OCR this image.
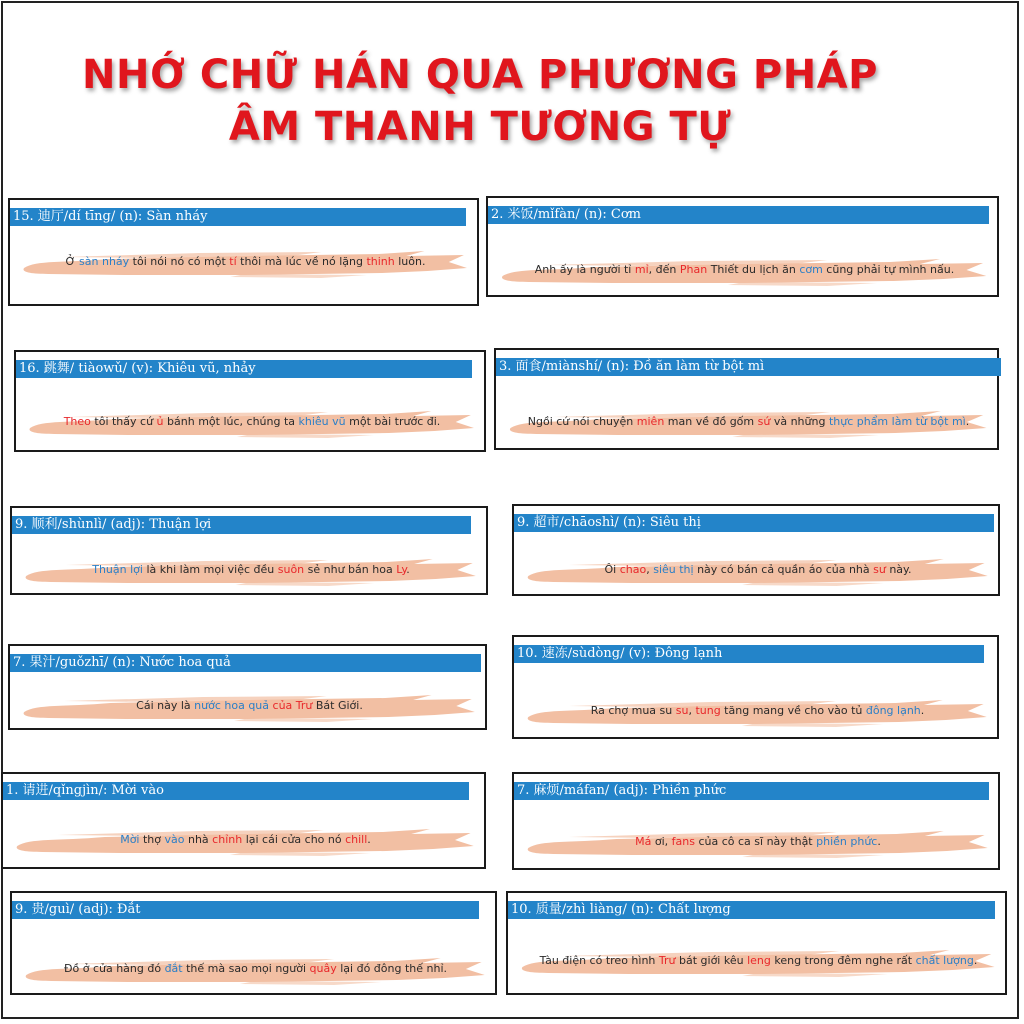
NHỚ CHỮ HÁN QUA PHƯƠNG PHÁP
ÂM THANH TƯƠNG TỰ
15. 迪厅/dí tīng/ (n): Sàn nháy
Ở sàn nháy tôi nói nó có một tí thôi mà lúc về nó lặng thinh luôn.
2. 米饭/mǐfàn/ (n): Cơm
Anh ấy là người tỉ mỉ, đến Phan Thiết du lịch ăn cơm cũng phải tự mình nấu.
16. 跳舞/ tiàowǔ/ (v): Khiêu vũ, nhảy
Theo tôi thấy cứ ủ bánh một lúc, chúng ta khiêu vũ một bài trước đi.
3. 面食/miànshí/ (n): Đồ ăn làm từ bột mì
Ngồi cứ nói chuyện miên man về đồ gốm sứ và những thực phẩm làm từ bột mì.
9. 顺利/shùnlì/ (adj): Thuận lợi
Thuận lợi là khi làm mọi việc đều suôn sẻ như bán hoa Ly.
9. 超市/chāoshì/ (n): Siêu thị
Ôi chao, siêu thị này có bán cả quần áo của nhà sư này.
7. 果汁/guǒzhī/ (n): Nước hoa quả
Cái này là nước hoa quả của Trư Bát Giới.
10. 速冻/sùdòng/ (v): Đông lạnh
Ra chợ mua su su, tung tăng mang về cho vào tủ đông lạnh.
1. 请进/qǐngjìn/: Mời vào
Mời thợ vào nhà chỉnh lại cái cửa cho nó chill.
7. 麻烦/máfan/ (adj): Phiền phức
Má ơi, fans của cô ca sĩ này thật phiền phức.
9. 贵/guì/ (adj): Đắt
Đồ ở cửa hàng đó đắt thế mà sao mọi người quây lại đó đông thế nhỉ.
10. 质量/zhì liàng/ (n): Chất lượng
Tàu điện có treo hình Trư bát giới kêu leng keng trong đêm nghe rất chất lượng.
